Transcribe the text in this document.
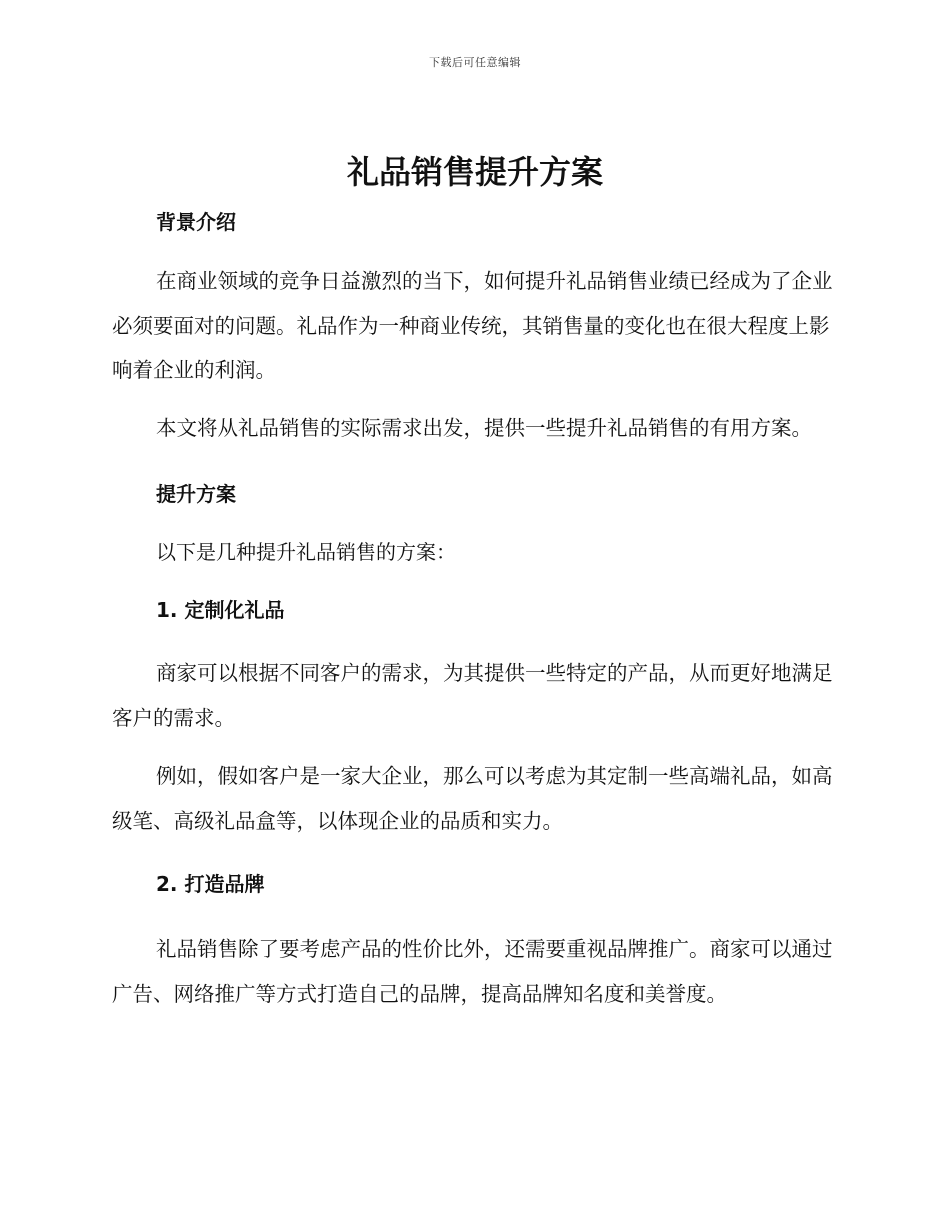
下载后可任意编辑
礼品销售提升方案
背景介绍

在商业领域的竞争日益激烈的当下，如何提升礼品销售业绩已经成为了企业必须要面对的问题。礼品作为一种商业传统，其销售量的变化也在很大程度上影响着企业的利润。

本文将从礼品销售的实际需求出发，提供一些提升礼品销售的有用方案。

提升方案

以下是几种提升礼品销售的方案：

1. 定制化礼品

商家可以根据不同客户的需求，为其提供一些特定的产品，从而更好地满足客户的需求。

例如，假如客户是一家大企业，那么可以考虑为其定制一些高端礼品，如高级笔、高级礼品盒等，以体现企业的品质和实力。

2. 打造品牌

礼品销售除了要考虑产品的性价比外，还需要重视品牌推广。商家可以通过广告、网络推广等方式打造自己的品牌，提高品牌知名度和美誉度。
